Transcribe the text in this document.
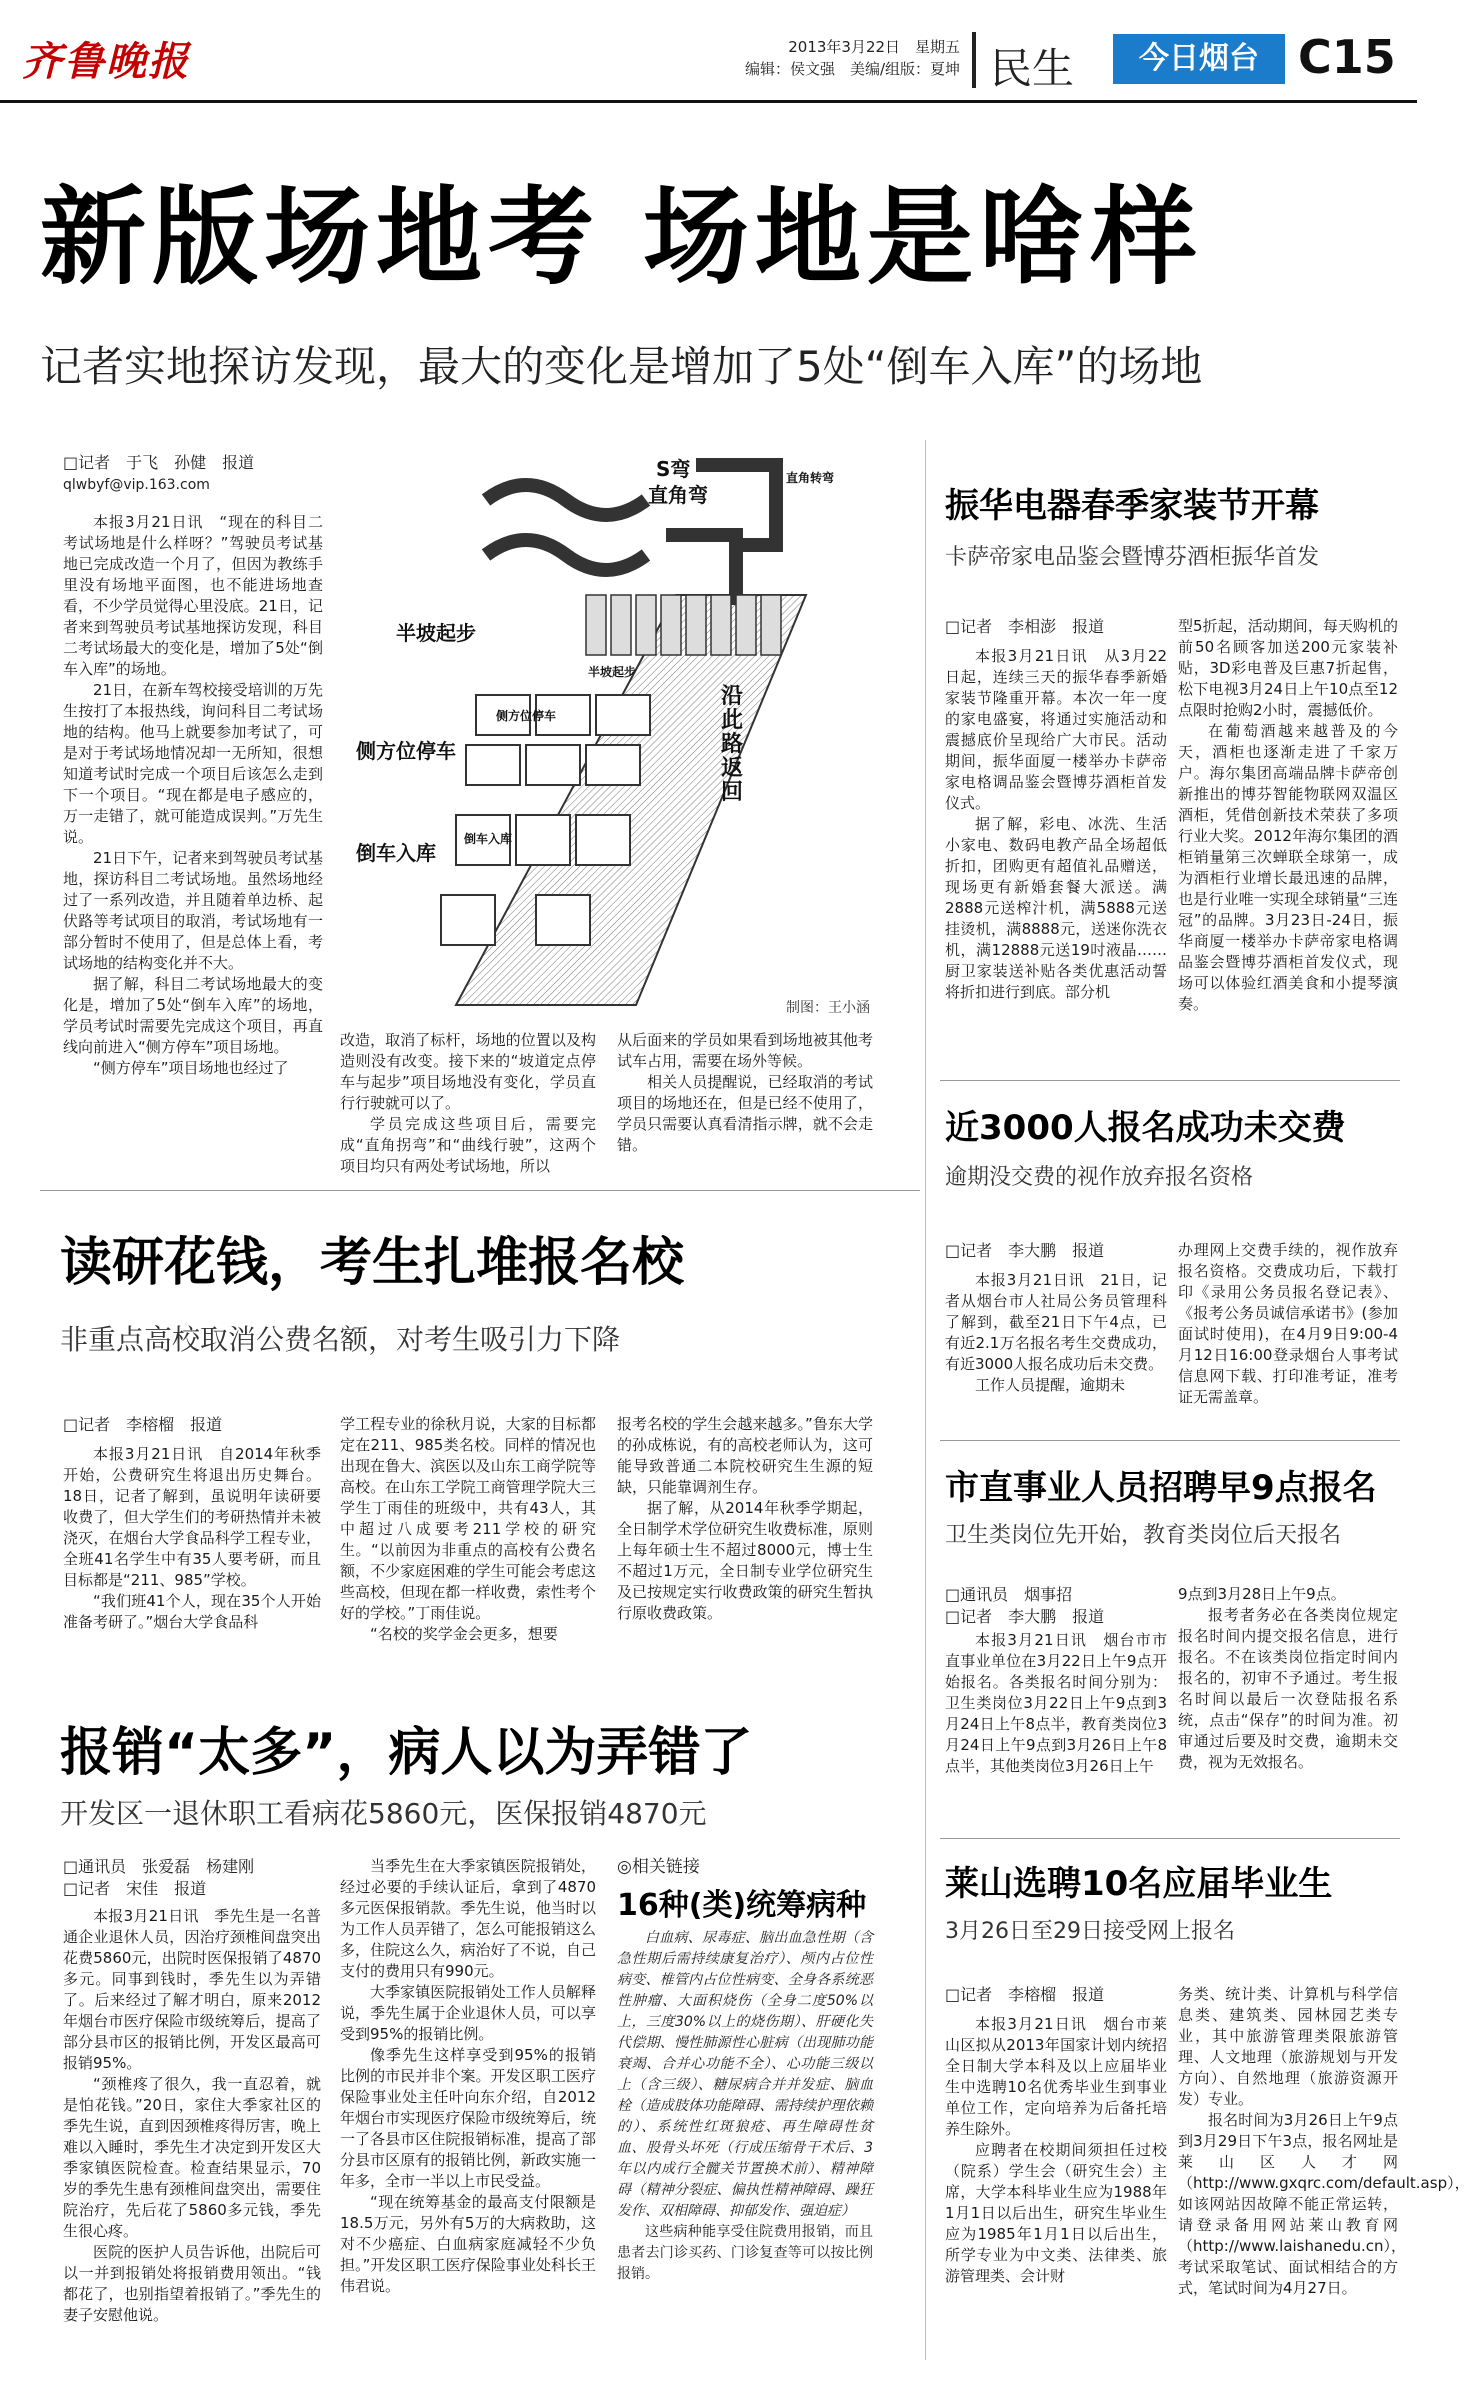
齐鲁晚报	2013年3月22日　星期五
编辑：侯文强　美编/组版：夏坤 民生	今日烟台 C15
新版场地考 场地是啥样
记者实地探访发现，最大的变化是增加了5处“倒车入库”的场地
□记者　于飞　孙健　报道
qlwbyf@vip.163.com

本报3月21日讯　“现在的科目二考试场地是什么样呀？”驾驶员考试基地已完成改造一个月了，但因为教练手里没有场地平面图，也不能进场地查看，不少学员觉得心里没底。21日，记者来到驾驶员考试基地探访发现，科目二考试场最大的变化是，增加了5处“倒车入库”的场地。

21日，在新车驾校接受培训的万先生按打了本报热线，询问科目二考试场地的结构。他马上就要参加考试了，可是对于考试场地情况却一无所知，很想知道考试时完成一个项目后该怎么走到下一个项目。“现在都是电子感应的，万一走错了，就可能造成误判。”万先生说。

21日下午，记者来到驾驶员考试基地，探访科目二考试场地。虽然场地经过了一系列改造，并且随着单边桥、起伏路等考试项目的取消，考试场地有一部分暂时不使用了，但是总体上看，考试场地的结构变化并不大。

据了解，科目二考试场地最大的变化是，增加了5处“倒车入库”的场地，学员考试时需要先完成这个项目，再直线向前进入“侧方停车”项目场地。

“侧方停车”项目场地也经过了

S弯
直角弯
半坡起步
沿此路返回
侧方位停车
倒车入库
直角转弯
侧方位停车
倒车入库
半坡起步
制图：王小涵

改造，取消了标杆，场地的位置以及构造则没有改变。接下来的“坡道定点停车与起步”项目场地没有变化，学员直行行驶就可以了。

学员完成这些项目后，需要完成“直角拐弯”和“曲线行驶”，这两个项目均只有两处考试场地，所以

从后面来的学员如果看到场地被其他考试车占用，需要在场外等候。

相关人员提醒说，已经取消的考试项目的场地还在，但是已经不使用了，学员只需要认真看清指示牌，就不会走错。

读研花钱，考生扎堆报名校
非重点高校取消公费名额，对考生吸引力下降
□记者　李榕榴　报道

本报3月21日讯　自2014年秋季开始，公费研究生将退出历史舞台。18日，记者了解到，虽说明年读研要收费了，但大学生们的考研热情并未被浇灭，在烟台大学食品科学工程专业，全班41名学生中有35人要考研，而且目标都是“211、985”学校。

“我们班41个人，现在35个人开始准备考研了。”烟台大学食品科

学工程专业的徐秋月说，大家的目标都定在211、985类名校。同样的情况也出现在鲁大、滨医以及山东工商学院等高校。在山东工学院工商管理学院大三学生丁雨佳的班级中，共有43人，其中超过八成要考211学校的研究生。“以前因为非重点的高校有公费名额，不少家庭困难的学生可能会考虑这些高校，但现在都一样收费，索性考个好的学校。”丁雨佳说。

“名校的奖学金会更多，想要

报考名校的学生会越来越多。”鲁东大学的孙成栋说，有的高校老师认为，这可能导致普通二本院校研究生生源的短缺，只能靠调剂生存。

据了解，从2014年秋季学期起，全日制学术学位研究生收费标准，原则上每年硕士生不超过8000元，博士生不超过1万元，全日制专业学位研究生及已按规定实行收费政策的研究生暂执行原收费政策。

报销“太多”，病人以为弄错了
开发区一退休职工看病花5860元，医保报销4870元
□通讯员　张爱磊　杨建刚
□记者　宋佳　报道

本报3月21日讯　季先生是一名普通企业退休人员，因治疗颈椎间盘突出花费5860元，出院时医保报销了4870多元。同事到钱时，季先生以为弄错了。后来经过了解才明白，原来2012年烟台市医疗保险市级统筹后，提高了部分县市区的报销比例，开发区最高可报销95%。

“颈椎疼了很久，我一直忍着，就是怕花钱。”20日，家住大季家社区的季先生说，直到因颈椎疼得厉害，晚上难以入睡时，季先生才决定到开发区大季家镇医院检查。检查结果显示，70岁的季先生患有颈椎间盘突出，需要住院治疗，先后花了5860多元钱，季先生很心疼。

医院的医护人员告诉他，出院后可以一并到报销处将报销费用领出。“钱都花了，也别指望着报销了。”季先生的妻子安慰他说。

当季先生在大季家镇医院报销处，经过必要的手续认证后，拿到了4870多元医保报销款。季先生说，他当时以为工作人员弄错了，怎么可能报销这么多，住院这么久，病治好了不说，自己支付的费用只有990元。

大季家镇医院报销处工作人员解释说，季先生属于企业退休人员，可以享受到95%的报销比例。

像季先生这样享受到95%的报销比例的市民并非个案。开发区职工医疗保险事业处主任叶向东介绍，自2012年烟台市实现医疗保险市级统筹后，统一了各县市区住院报销标准，提高了部分县市区原有的报销比例，新政实施一年多，全市一半以上市民受益。

“现在统筹基金的最高支付限额是18.5万元，另外有5万的大病救助，这对不少癌症、白血病家庭减轻不少负担。”开发区职工医疗保险事业处科长王伟君说。

◎相关链接
16种(类)统筹病种

白血病、尿毒症、脑出血急性期（含急性期后需持续康复治疗）、颅内占位性病变、椎管内占位性病变、全身各系统恶性肿瘤、大面积烧伤（全身二度50%以上，三度30%以上的烧伤期）、肝硬化失代偿期、慢性肺源性心脏病（出现肺功能衰竭、合并心功能不全）、心功能三级以上（含三级）、糖尿病合并并发症、脑血栓（造成肢体功能障碍、需持续护理依赖的）、系统性红斑狼疮、再生障碍性贫血、股骨头坏死（行成压缩骨干术后、3年以内成行全髋关节置换术前）、精神障碍（精神分裂症、偏执性精神障碍、躁狂发作、双相障碍、抑郁发作、强迫症）

这些病种能享受住院费用报销，而且患者去门诊买药、门诊复查等可以按比例报销。

振华电器春季家装节开幕
卡萨帝家电品鉴会暨博芬酒柜振华首发
□记者　李相澎　报道

本报3月21日讯　从3月22日起，连续三天的振华春季新婚家装节隆重开幕。本次一年一度的家电盛宴，将通过实施活动和震撼底价呈现给广大市民。活动期间，振华面厦一楼举办卡萨帝家电格调品鉴会暨博芬酒柜首发仪式。

据了解，彩电、冰洗、生活小家电、数码电教产品全场超低折扣，团购更有超值礼品赠送，现场更有新婚套餐大派送。满2888元送榨汁机，满5888元送挂烫机，满8888元，送迷你洗衣机，满12888元送19吋液晶……厨卫家装送补贴各类优惠活动誓将折扣进行到底。部分机

型5折起，活动期间，每天购机的前50名顾客加送200元家装补贴，3D彩电普及巨惠7折起售，松下电视3月24日上午10点至12点限时抢购2小时，震撼低价。

在葡萄酒越来越普及的今天，酒柜也逐渐走进了千家万户。海尔集团高端品牌卡萨帝创新推出的博芬智能物联网双温区酒柜，凭借创新技术荣获了多项行业大奖。2012年海尔集团的酒柜销量第三次蝉联全球第一，成为酒柜行业增长最迅速的品牌，也是行业唯一实现全球销量“三连冠”的品牌。3月23日-24日，振华商厦一楼举办卡萨帝家电格调品鉴会暨博芬酒柜首发仪式，现场可以体验红酒美食和小提琴演奏。

近3000人报名成功未交费
逾期没交费的视作放弃报名资格
□记者　李大鹏　报道

本报3月21日讯　21日，记者从烟台市人社局公务员管理科了解到，截至21日下午4点，已有近2.1万名报名考生交费成功，有近3000人报名成功后未交费。

工作人员提醒，逾期未

办理网上交费手续的，视作放弃报名资格。交费成功后，下载打印《录用公务员报名登记表》、《报考公务员诚信承诺书》(参加面试时使用)，在4月9日9:00-4月12日16:00登录烟台人事考试信息网下载、打印准考证，准考证无需盖章。

市直事业人员招聘早9点报名
卫生类岗位先开始，教育类岗位后天报名
□通讯员　烟事招
□记者　李大鹏　报道

本报3月21日讯　烟台市市直事业单位在3月22日上午9点开始报名。各类报名时间分别为：卫生类岗位3月22日上午9点到3月24日上午8点半，教育类岗位3月24日上午9点到3月26日上午8点半，其他类岗位3月26日上午

9点到3月28日上午9点。

报考者务必在各类岗位规定报名时间内提交报名信息，进行报名。不在该类岗位指定时间内报名的，初审不予通过。考生报名时间以最后一次登陆报名系统，点击“保存”的时间为准。初审通过后要及时交费，逾期未交费，视为无效报名。

莱山选聘10名应届毕业生
3月26日至29日接受网上报名
□记者　李榕榴　报道

本报3月21日讯　烟台市莱山区拟从2013年国家计划内统招全日制大学本科及以上应届毕业生中选聘10名优秀毕业生到事业单位工作，定向培养为后备托培养生除外。

应聘者在校期间须担任过校（院系）学生会（研究生会）主席，大学本科毕业生应为1988年1月1日以后出生，研究生毕业生应为1985年1月1日以后出生，所学专业为中文类、法律类、旅游管理类、会计财

务类、统计类、计算机与科学信息类、建筑类、园林园艺类专业，其中旅游管理类限旅游管理、人文地理（旅游规划与开发方向）、自然地理（旅游资源开发）专业。

报名时间为3月26日上午9点到3月29日下午3点，报名网址是莱山区人才网（http://www.gxqrc.com/default.asp），如该网站因故障不能正常运转，请登录备用网站莱山教育网（http://www.laishanedu.cn），考试采取笔试、面试相结合的方式，笔试时间为4月27日。
